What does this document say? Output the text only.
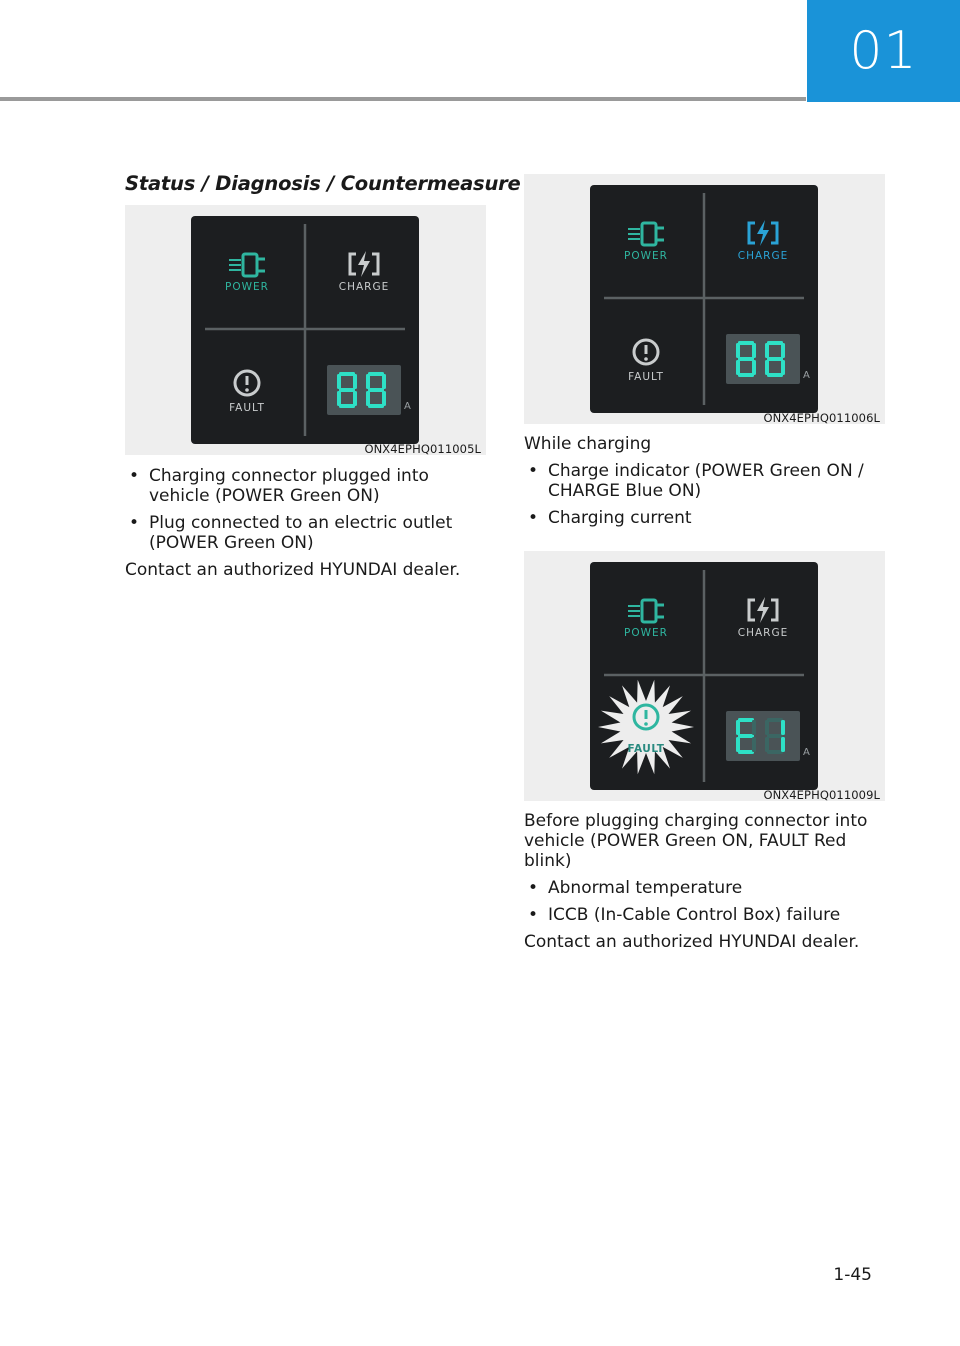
01
Status / Diagnosis / Countermeasure
POWER	CHARGE
FAULT	A
ONX4EPHQ011005L
• Charging connector plugged into vehicle (POWER Green ON)
• Plug connected to an electric outlet (POWER Green ON)

Contact an authorized HYUNDAI dealer.

POWER	CHARGE
FAULT	A
ONX4EPHQ011006L

While charging

• Charge indicator (POWER Green ON / CHARGE Blue ON)
• Charging current
POWER	CHARGE
FAULT	A
ONX4EPHQ011009L

Before plugging charging connector into vehicle (POWER Green ON, FAULT Red blink)

• Abnormal temperature
• ICCB (In-Cable Control Box) failure

Contact an authorized HYUNDAI dealer.

1-45
